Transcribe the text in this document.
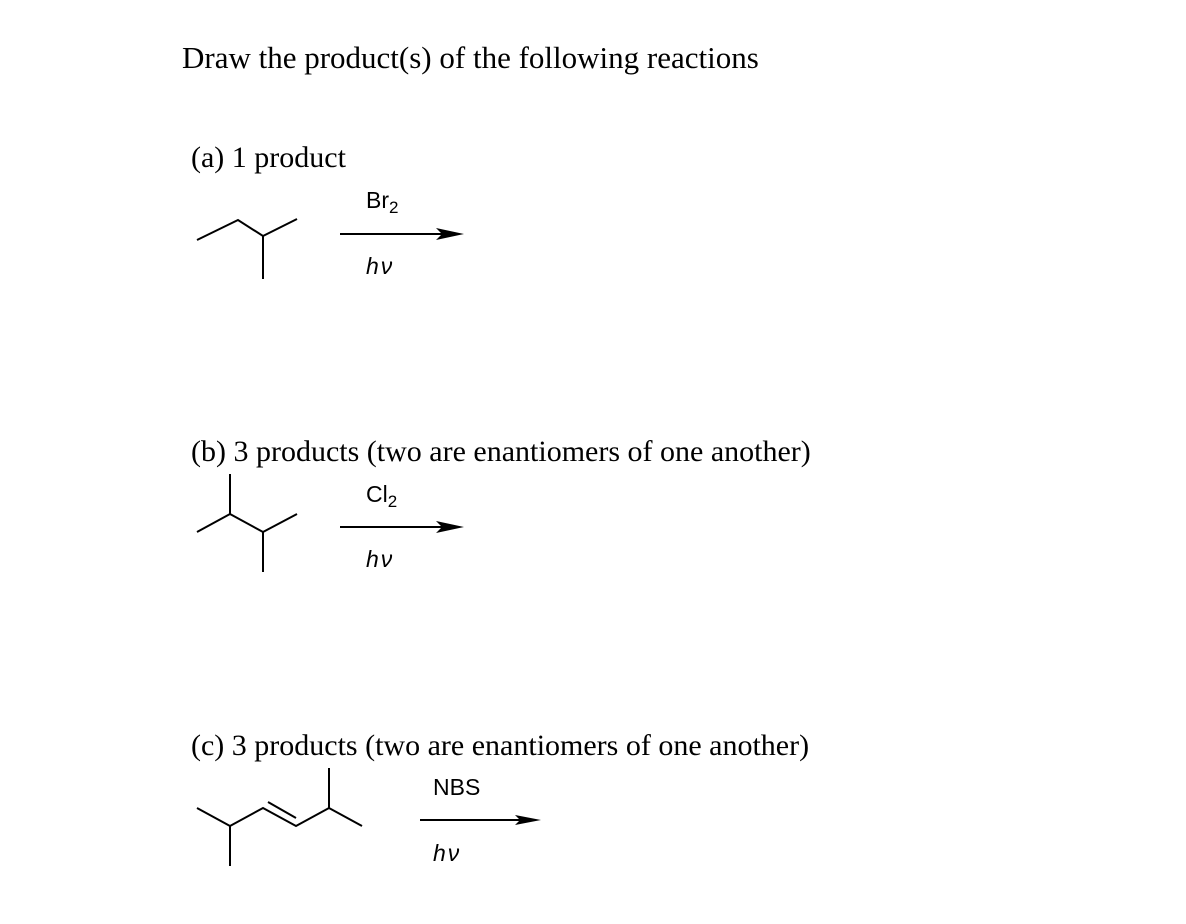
Draw the product(s) of the following reactions
(a) 1 product
$Br_2$
hν
(b) 3 products (two are enantiomers of one another)
$Cl_2$
hν
(c) 3 products (two are enantiomers of one another)
NBS
hν
